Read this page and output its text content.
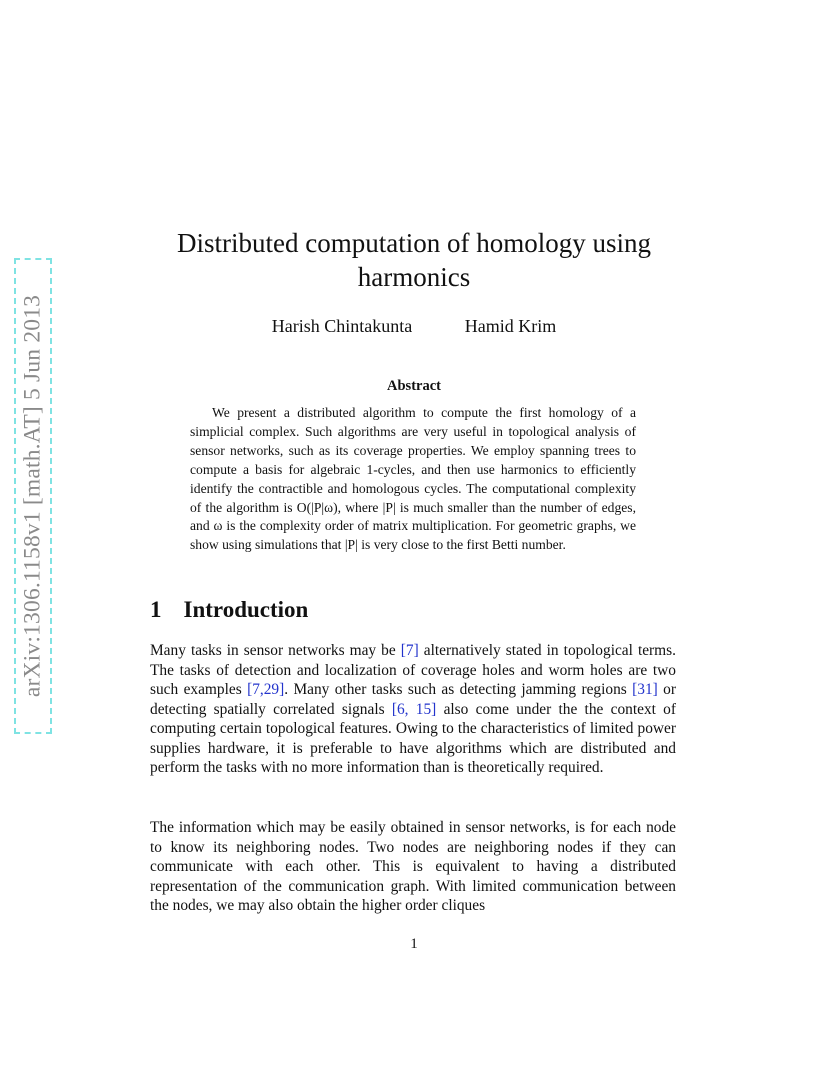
arXiv:1306.1158v1 [math.AT] 5 Jun 2013
Distributed computation of homology using harmonics
Harish Chintakunta	Hamid Krim
Abstract

We present a distributed algorithm to compute the first homology of a simplicial complex. Such algorithms are very useful in topological analysis of sensor networks, such as its coverage properties. We employ spanning trees to compute a basis for algebraic 1-cycles, and then use harmonics to efficiently identify the contractible and homologous cycles. The computational complexity of the algorithm is O(|P|ω), where |P| is much smaller than the number of edges, and ω is the complexity order of matrix multiplication. For geometric graphs, we show using simulations that |P| is very close to the first Betti number.

1 Introduction

Many tasks in sensor networks may be [7] alternatively stated in topological terms. The tasks of detection and localization of coverage holes and worm holes are two such examples [7,29]. Many other tasks such as detecting jamming regions [31] or detecting spatially correlated signals [6, 15] also come under the the context of computing certain topological features. Owing to the characteristics of limited power supplies hardware, it is preferable to have algorithms which are distributed and perform the tasks with no more information than is theoretically required.

The information which may be easily obtained in sensor networks, is for each node to know its neighboring nodes. Two nodes are neighboring nodes if they can communicate with each other. This is equivalent to having a distributed representation of the communication graph. With limited communication between the nodes, we may also obtain the higher order cliques

1
